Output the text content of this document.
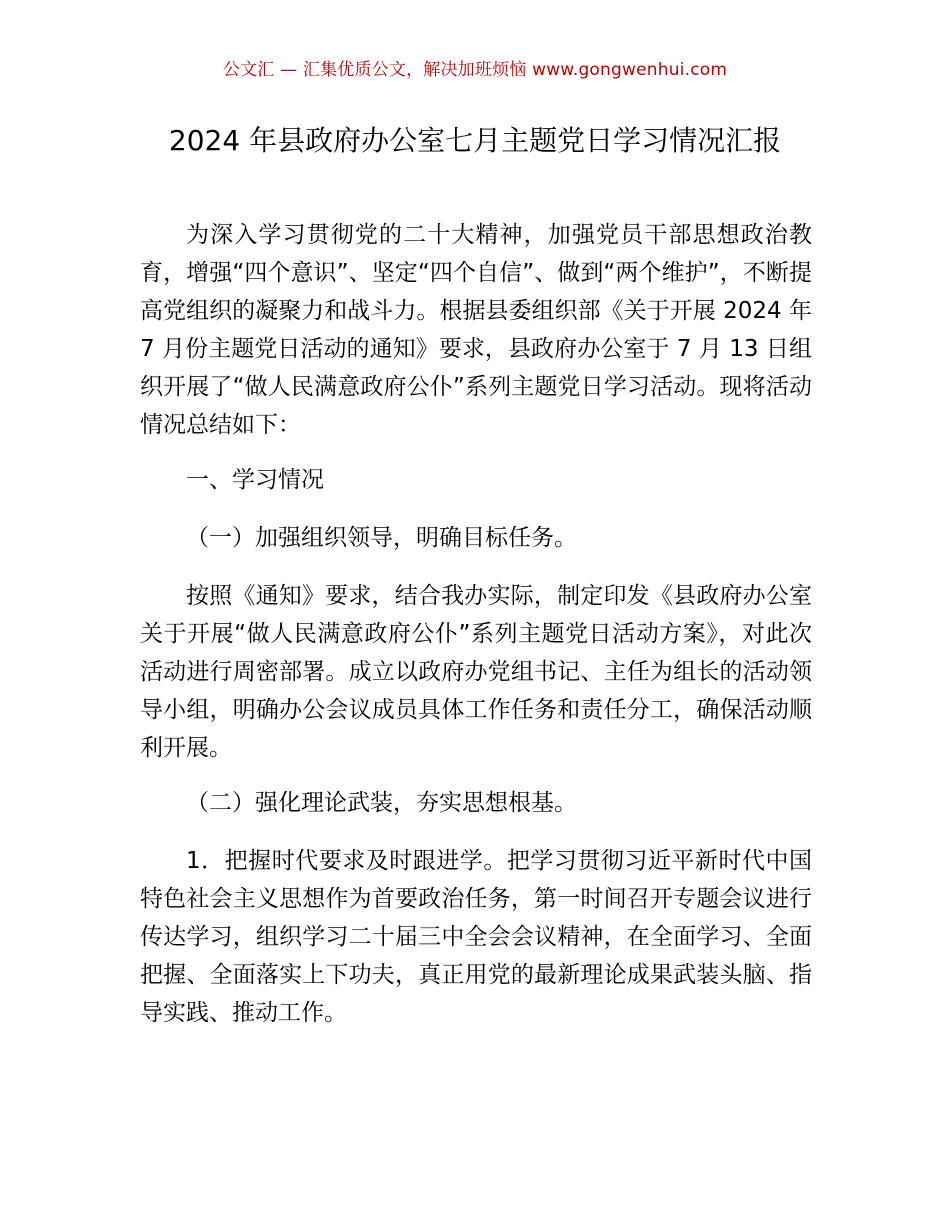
公文汇 — 汇集优质公文，解决加班烦恼 www.gongwenhui.com
2024 年县政府办公室七月主题党日学习情况汇报

为深入学习贯彻党的二十大精神，加强党员干部思想政治教育，增强“四个意识”、坚定“四个自信”、做到“两个维护”，不断提高党组织的凝聚力和战斗力。根据县委组织部《关于开展 2024 年 7 月份主题党日活动的通知》要求，县政府办公室于 7 月 13 日组织开展了“做人民满意政府公仆”系列主题党日学习活动。现将活动情况总结如下：

一、学习情况

（一）加强组织领导，明确目标任务。

按照《通知》要求，结合我办实际，制定印发《县政府办公室关于开展“做人民满意政府公仆”系列主题党日活动方案》，对此次活动进行周密部署。成立以政府办党组书记、主任为组长的活动领导小组，明确办公会议成员具体工作任务和责任分工，确保活动顺利开展。

（二）强化理论武装，夯实思想根基。

1．把握时代要求及时跟进学。把学习贯彻习近平新时代中国特色社会主义思想作为首要政治任务，第一时间召开专题会议进行传达学习，组织学习二十届三中全会会议精神，在全面学习、全面把握、全面落实上下功夫，真正用党的最新理论成果武装头脑、指导实践、推动工作。
